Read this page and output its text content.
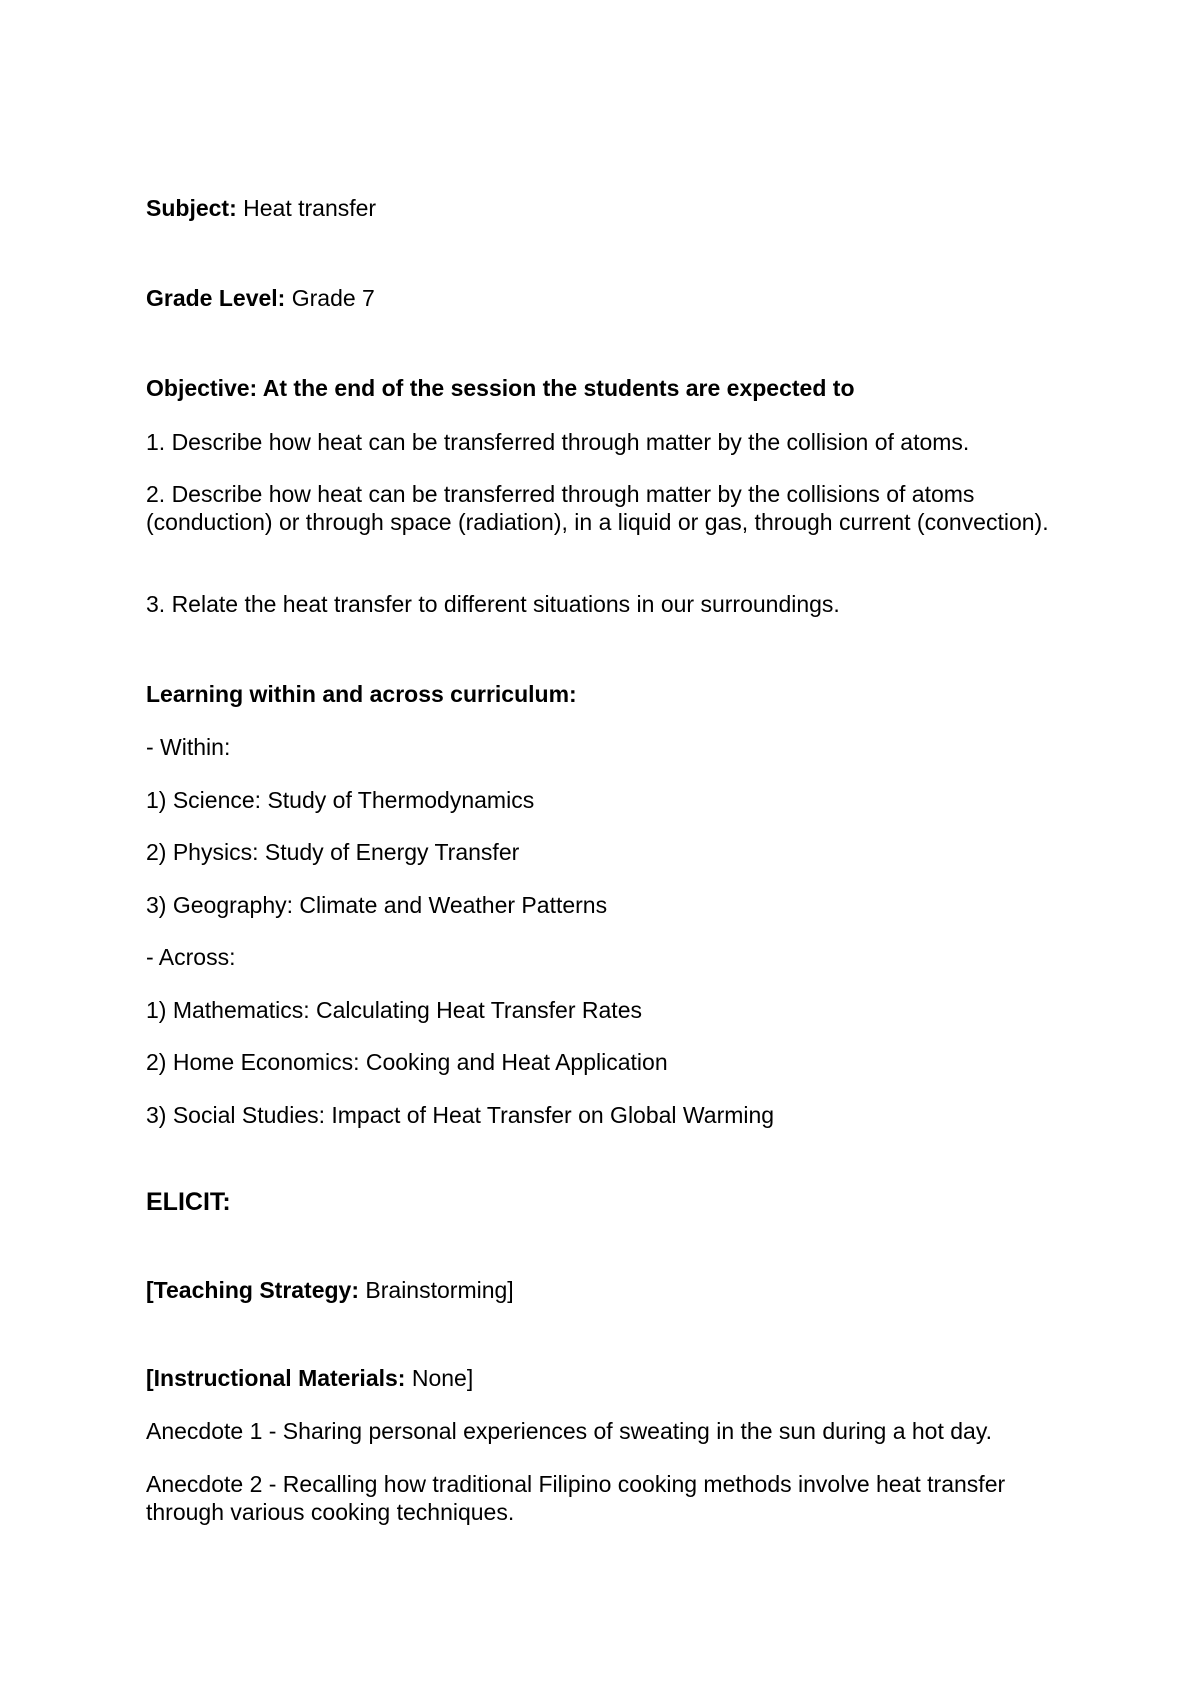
Subject: Heat transfer

Grade Level: Grade 7

Objective: At the end of the session the students are expected to

1. Describe how heat can be transferred through matter by the collision of atoms.

2. Describe how heat can be transferred through matter by the collisions of atoms (conduction) or through space (radiation), in a liquid or gas, through current (convection).

3. Relate the heat transfer to different situations in our surroundings.

Learning within and across curriculum:

- Within:

1) Science: Study of Thermodynamics

2) Physics: Study of Energy Transfer

3) Geography: Climate and Weather Patterns

- Across:

1) Mathematics: Calculating Heat Transfer Rates

2) Home Economics: Cooking and Heat Application

3) Social Studies: Impact of Heat Transfer on Global Warming

ELICIT:

[Teaching Strategy: Brainstorming]

[Instructional Materials: None]

Anecdote 1 - Sharing personal experiences of sweating in the sun during a hot day.

Anecdote 2 - Recalling how traditional Filipino cooking methods involve heat transfer through various cooking techniques.
